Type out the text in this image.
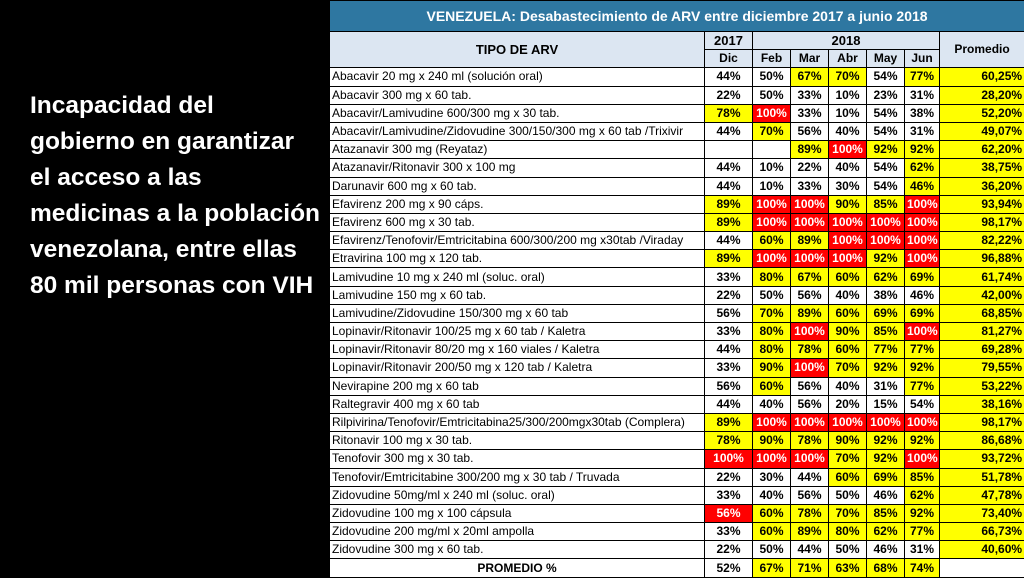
Incapacidad del gobierno en garantizar el acceso a las medicinas a la población venezolana, entre ellas 80 mil personas con VIH

VENEZUELA: Desabastecimiento de ARV entre diciembre 2017 a junio 2018							
TIPO DE ARV	2017	2018					Promedio
	Dic	Feb	Mar	Abr	May	Jun	
Abacavir 20 mg x 240 ml (solución oral)	44%	50%	67%	70%	54%	77%	60,25%
Abacavir 300 mg x 60 tab.	22%	50%	33%	10%	23%	31%	28,20%
Abacavir/Lamivudine 600/300 mg x 30 tab.	78%	100%	33%	10%	54%	38%	52,20%
Abacavir/Lamivudine/Zidovudine 300/150/300 mg x 60 tab /Trixivir	44%	70%	56%	40%	54%	31%	49,07%
Atazanavir 300 mg (Reyataz)			89%	100%	92%	92%	62,20%
Atazanavir/Ritonavir 300 x 100 mg	44%	10%	22%	40%	54%	62%	38,75%
Darunavir 600 mg x 60 tab.	44%	10%	33%	30%	54%	46%	36,20%
Efavirenz 200 mg x 90 cáps.	89%	100%	100%	90%	85%	100%	93,94%
Efavirenz 600 mg x 30 tab.	89%	100%	100%	100%	100%	100%	98,17%
Efavirenz/Tenofovir/Emtricitabina 600/300/200 mg x30tab /Viraday	44%	60%	89%	100%	100%	100%	82,22%
Etravirina 100 mg x 120 tab.	89%	100%	100%	100%	92%	100%	96,88%
Lamivudine 10 mg x 240 ml (soluc. oral)	33%	80%	67%	60%	62%	69%	61,74%
Lamivudine 150 mg x 60 tab.	22%	50%	56%	40%	38%	46%	42,00%
Lamivudine/Zidovudine 150/300 mg x 60 tab	56%	70%	89%	60%	69%	69%	68,85%
Lopinavir/Ritonavir 100/25 mg x 60 tab / Kaletra	33%	80%	100%	90%	85%	100%	81,27%
Lopinavir/Ritonavir 80/20 mg x 160 viales / Kaletra	44%	80%	78%	60%	77%	77%	69,28%
Lopinavir/Ritonavir 200/50 mg x 120 tab / Kaletra	33%	90%	100%	70%	92%	92%	79,55%
Nevirapine 200 mg x 60 tab	56%	60%	56%	40%	31%	77%	53,22%
Raltegravir 400 mg x 60 tab	44%	40%	56%	20%	15%	54%	38,16%
Rilpivirina/Tenofovir/Emtricitabina25/300/200mgx30tab (Complera)	89%	100%	100%	100%	100%	100%	98,17%
Ritonavir 100 mg x 30 tab.	78%	90%	78%	90%	92%	92%	86,68%
Tenofovir 300 mg x 30 tab.	100%	100%	100%	70%	92%	100%	93,72%
Tenofovir/Emtricitabine 300/200 mg x 30 tab / Truvada	22%	30%	44%	60%	69%	85%	51,78%
Zidovudine 50mg/ml x 240 ml (soluc. oral)	33%	40%	56%	50%	46%	62%	47,78%
Zidovudine 100 mg x 100 cápsula	56%	60%	78%	70%	85%	92%	73,40%
Zidovudine 200 mg/ml x 20ml ampolla	33%	60%	89%	80%	62%	77%	66,73%
Zidovudine 300 mg x 60 tab.	22%	50%	44%	50%	46%	31%	40,60%
PROMEDIO %	52%	67%	71%	63%	68%	74%	
